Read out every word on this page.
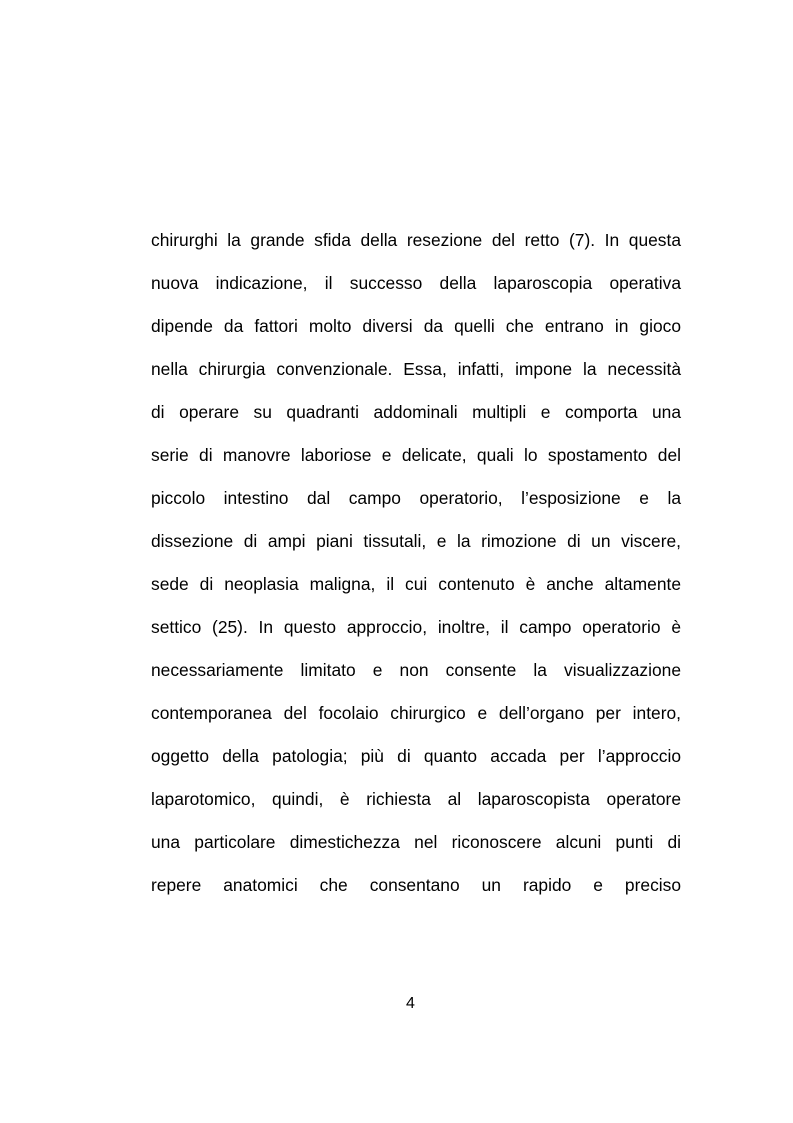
chirurghi la grande sfida della resezione del retto (7). In questa
nuova indicazione, il successo della laparoscopia operativa
dipende da fattori molto diversi da quelli che entrano in gioco
nella chirurgia convenzionale. Essa, infatti, impone la necessità
di operare su quadranti addominali multipli e comporta una
serie di manovre laboriose e delicate, quali lo spostamento del
piccolo intestino dal campo operatorio, l’esposizione e la
dissezione di ampi piani tissutali, e la rimozione di un viscere,
sede di neoplasia maligna, il cui contenuto è anche altamente
settico (25). In questo approccio, inoltre, il campo operatorio è
necessariamente limitato e non consente la visualizzazione
contemporanea del focolaio chirurgico e dell’organo per intero,
oggetto della patologia; più di quanto accada per l’approccio
laparotomico, quindi, è richiesta al laparoscopista operatore
una particolare dimestichezza nel riconoscere alcuni punti di
repere anatomici che consentano un rapido e preciso
4
